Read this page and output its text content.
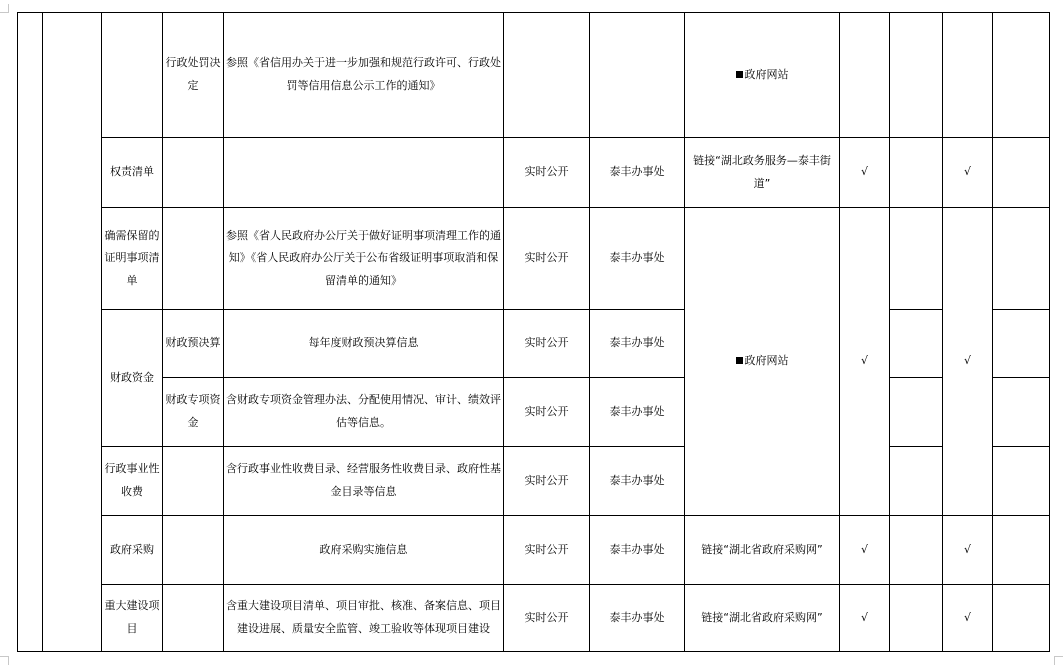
			行政处罚决定	参照《省信用办关于进一步加强和规范行政许可、行政处罚等信用信息公示工作的通知》			政府网站				
		权责清单			实时公开	泰丰办事处	链接“湖北政务服务—泰丰街道”	√		√	
		确需保留的证明事项清单		参照《省人民政府办公厅关于做好证明事项清理工作的通知》《省人民政府办公厅关于公布省级证明事项取消和保留清单的通知》	实时公开	泰丰办事处	政府网站	√		√	
		财政资金	财政预决算	每年度财政预决算信息	实时公开	泰丰办事处					
			财政专项资金	含财政专项资金管理办法、分配使用情况、审计、绩效评估等信息。	实时公开	泰丰办事处					
		行政事业性收费		含行政事业性收费目录、经营服务性收费目录、政府性基金目录等信息	实时公开	泰丰办事处					
		政府采购		政府采购实施信息	实时公开	泰丰办事处	链接“湖北省政府采购网”	√		√	
		重大建设项目		含重大建设项目清单、项目审批、核准、备案信息、项目建设进展、质量安全监管、竣工验收等体现项目建设	实时公开	泰丰办事处	链接“湖北省政府采购网”	√		√	
